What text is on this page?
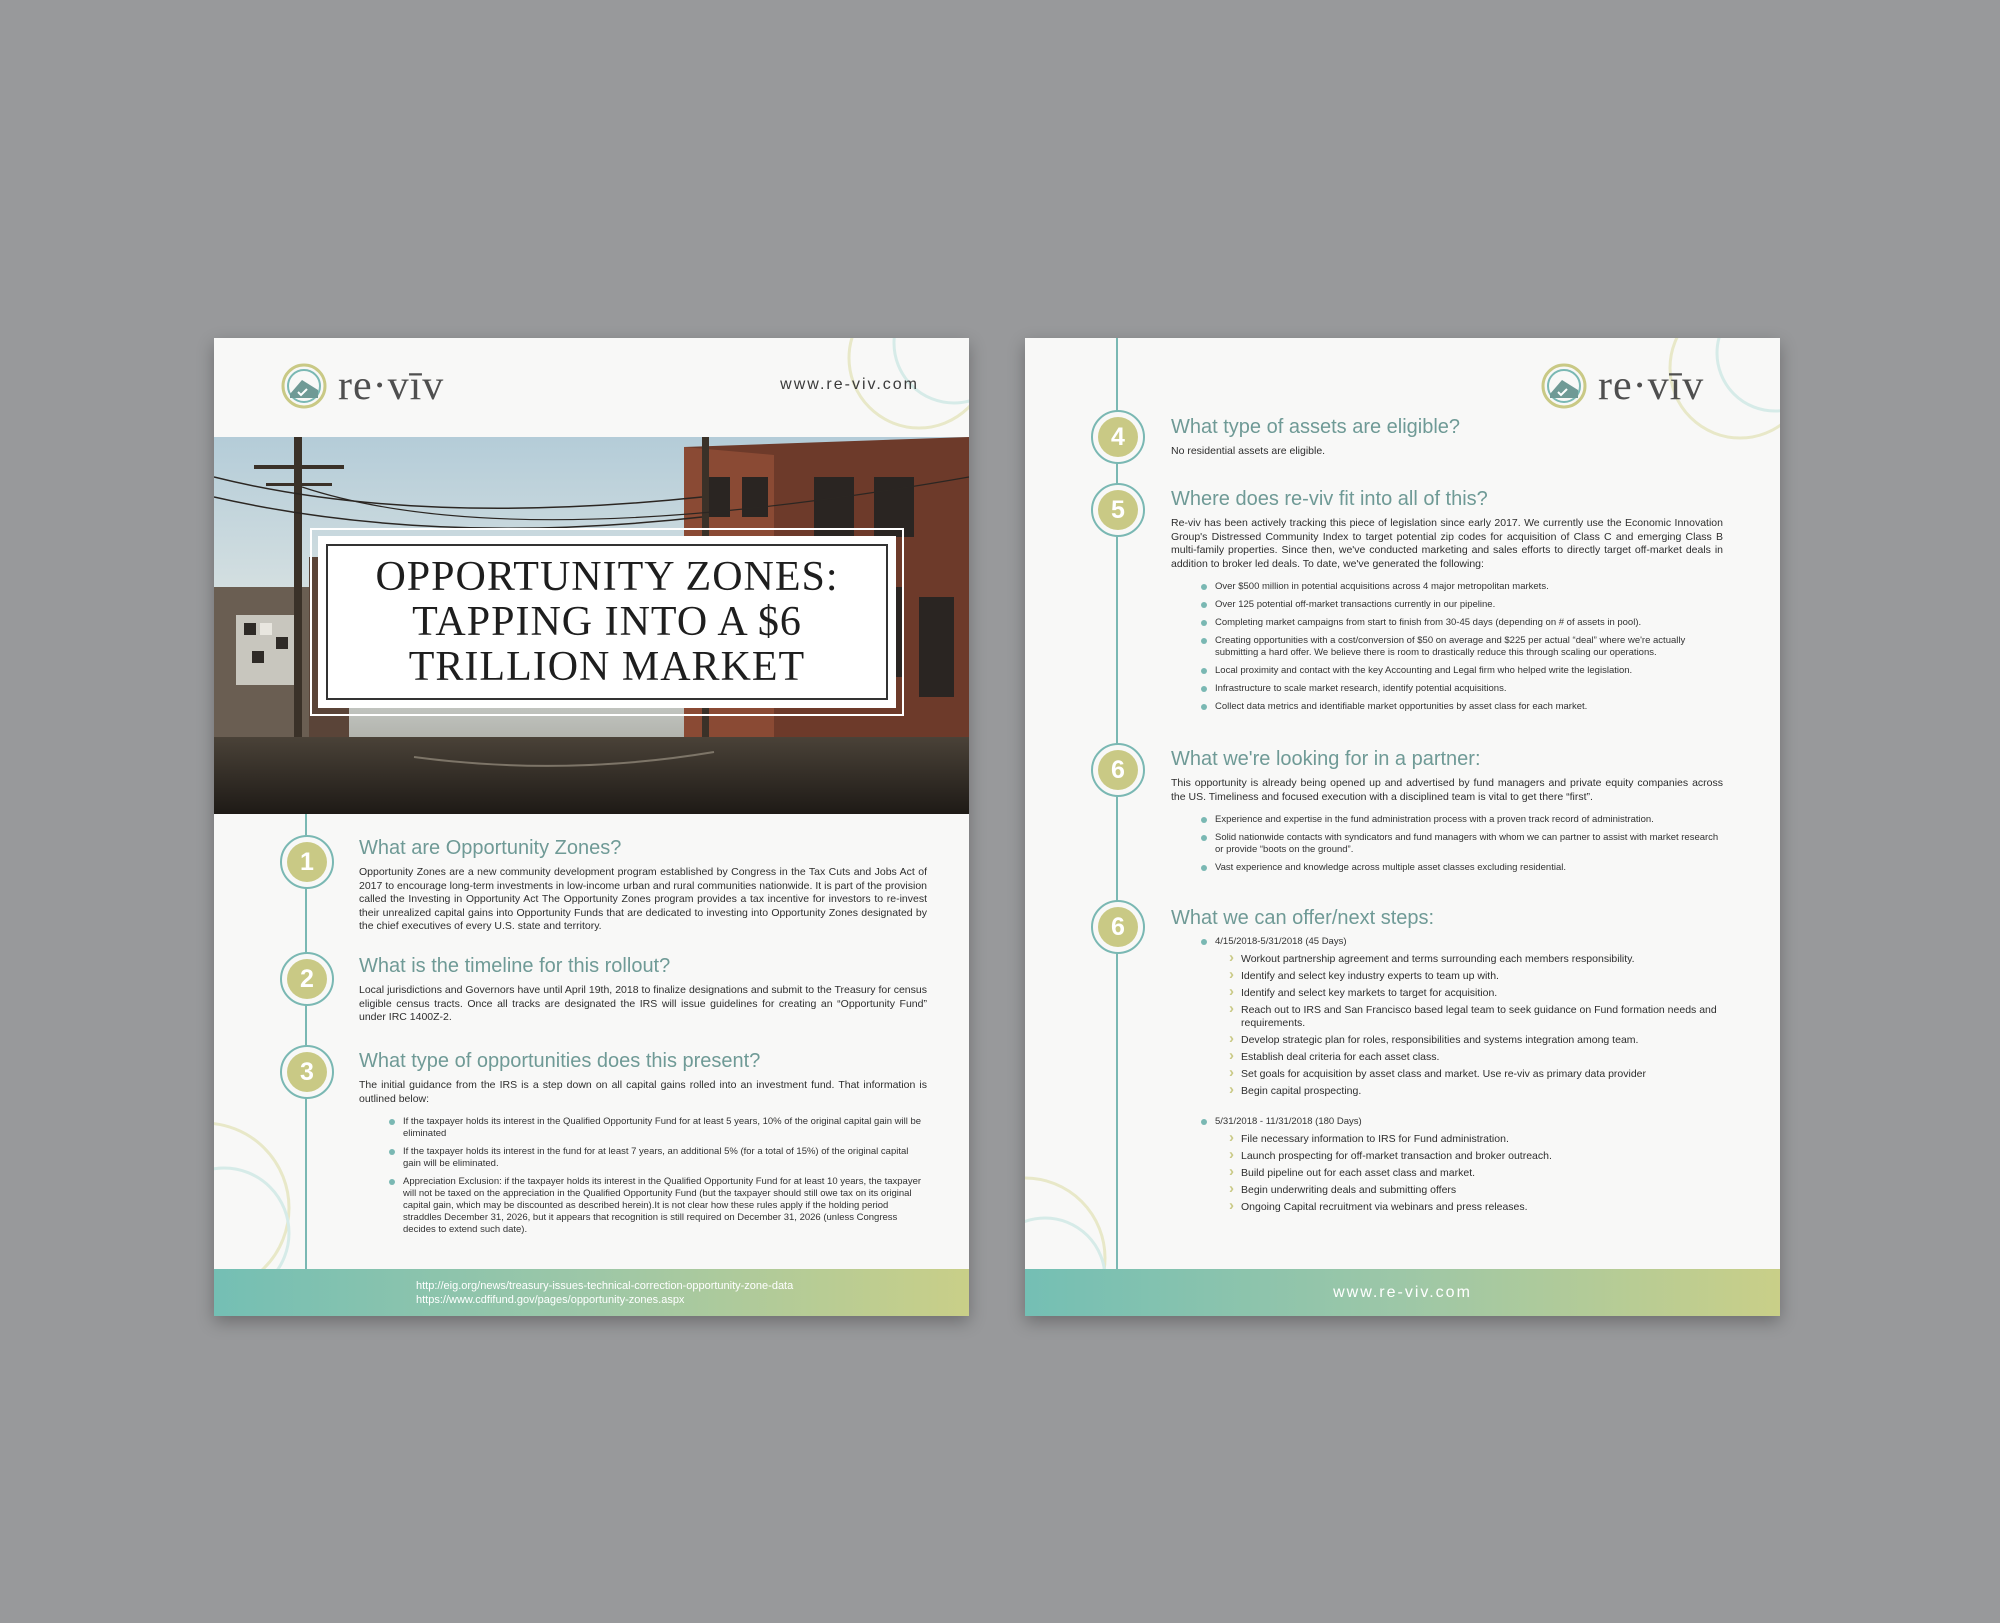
re·vīv	www.re-viv.com
OPPORTUNITY ZONES: TAPPING INTO A $6 TRILLION MARKET
1	What are Opportunity Zones?

Opportunity Zones are a new community development program established by Congress in the Tax Cuts and Jobs Act of 2017 to encourage long-term investments in low-income urban and rural communities nationwide. It is part of the provision called the Investing in Opportunity Act The Opportunity Zones program provides a tax incentive for investors to re-invest their unrealized capital gains into Opportunity Funds that are dedicated to investing into Opportunity Zones designated by the chief executives of every U.S. state and territory.

2	What is the timeline for this rollout?

Local jurisdictions and Governors have until April 19th, 2018 to finalize designations and submit to the Treasury for census eligible census tracts. Once all tracks are designated the IRS will issue guidelines for creating an “Opportunity Fund” under IRC 1400Z-2.

3	What type of opportunities does this present?

The initial guidance from the IRS is a step down on all capital gains rolled into an investment fund. That information is outlined below:

If the taxpayer holds its interest in the Qualified Opportunity Fund for at least 5 years, 10% of the original capital gain will be eliminated
If the taxpayer holds its interest in the fund for at least 7 years, an additional 5% (for a total of 15%) of the original capital gain will be eliminated.
Appreciation Exclusion: if the taxpayer holds its interest in the Qualified Opportunity Fund for at least 10 years, the taxpayer will not be taxed on the appreciation in the Qualified Opportunity Fund (but the taxpayer should still owe tax on its original capital gain, which may be discounted as described herein).It is not clear how these rules apply if the holding period straddles December 31, 2026, but it appears that recognition is still required on December 31, 2026 (unless Congress decides to extend such date).
http://eig.org/news/treasury-issues-technical-correction-opportunity-zone-data
https://www.cdfifund.gov/pages/opportunity-zones.aspx
re·vīv
4	What type of assets are eligible?

No residential assets are eligible.

5	Where does re-viv fit into all of this?

Re-viv has been actively tracking this piece of legislation since early 2017. We currently use the Economic Innovation Group's Distressed Community Index to target potential zip codes for acquisition of Class C and emerging Class B multi-family properties. Since then, we've conducted marketing and sales efforts to directly target off-market deals in addition to broker led deals. To date, we've generated the following:

Over $500 million in potential acquisitions across 4 major metropolitan markets.
Over 125 potential off-market transactions currently in our pipeline.
Completing market campaigns from start to finish from 30-45 days (depending on # of assets in pool).
Creating opportunities with a cost/conversion of $50 on average and $225 per actual “deal” where we're actually submitting a hard offer. We believe there is room to drastically reduce this through scaling our operations.
Local proximity and contact with the key Accounting and Legal firm who helped write the legislation.
Infrastructure to scale market research, identify potential acquisitions.
Collect data metrics and identifiable market opportunities by asset class for each market.
6	What we're looking for in a partner:

This opportunity is already being opened up and advertised by fund managers and private equity companies across the US. Timeliness and focused execution with a disciplined team is vital to get there “first”.

Experience and expertise in the fund administration process with a proven track record of administration.
Solid nationwide contacts with syndicators and fund managers with whom we can partner to assist with market research or provide “boots on the ground”.
Vast experience and knowledge across multiple asset classes excluding residential.
6	What we can offer/next steps:
4/15/2018-5/31/2018 (45 Days)
› Workout partnership agreement and terms surrounding each members responsibility.
› Identify and select key industry experts to team up with.
› Identify and select key markets to target for acquisition.
› Reach out to IRS and San Francisco based legal team to seek guidance on Fund formation needs and requirements.
› Develop strategic plan for roles, responsibilities and systems integration among team.
› Establish deal criteria for each asset class.
› Set goals for acquisition by asset class and market. Use re-viv as primary data provider
› Begin capital prospecting.
5/31/2018 - 11/31/2018 (180 Days)
› File necessary information to IRS for Fund administration.
› Launch prospecting for off-market transaction and broker outreach.
› Build pipeline out for each asset class and market.
› Begin underwriting deals and submitting offers
› Ongoing Capital recruitment via webinars and press releases.
www.re-viv.com
